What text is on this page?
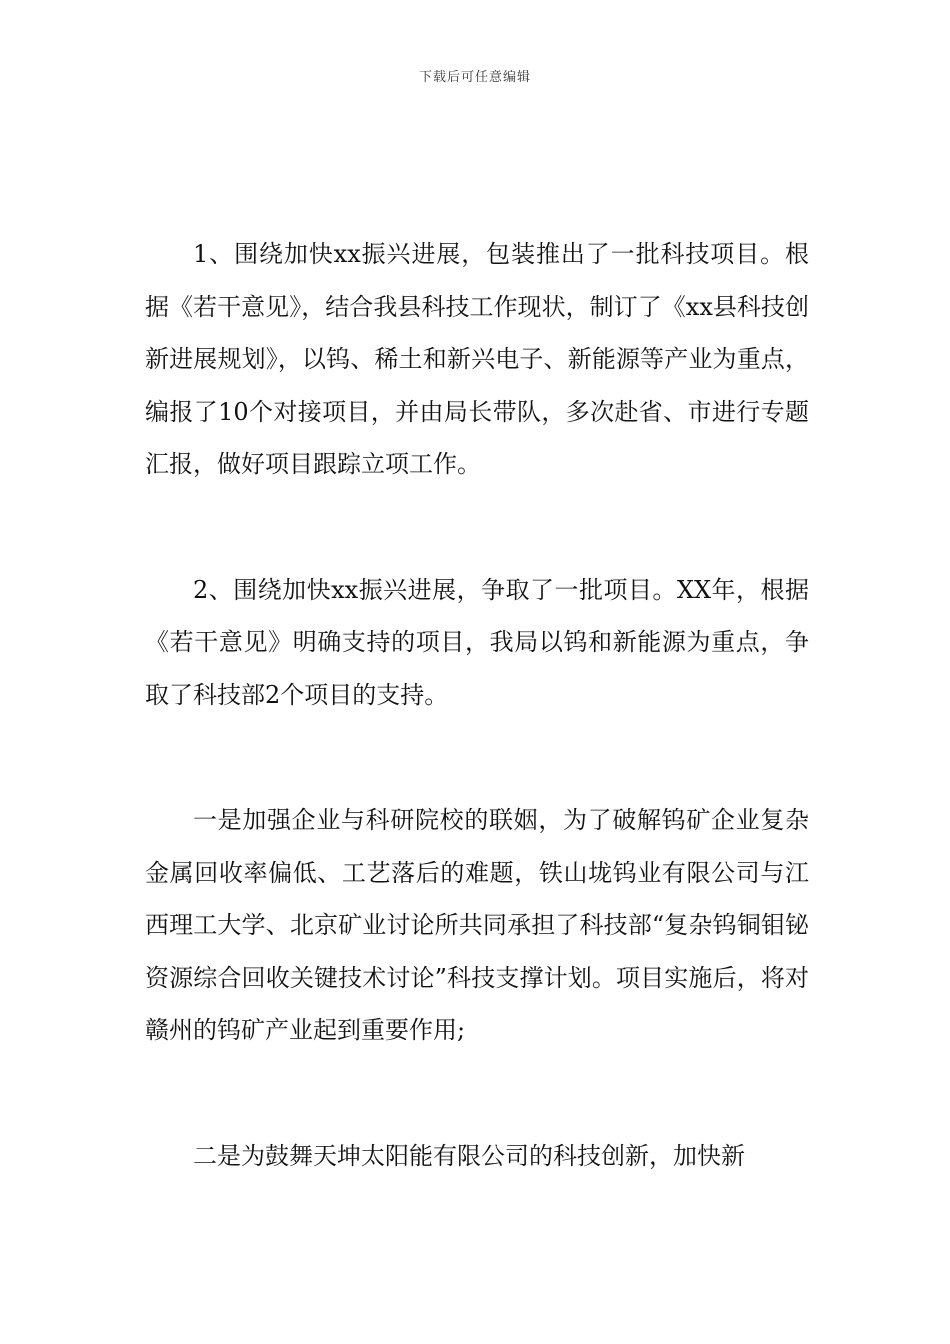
下载后可任意编辑

1、围绕加快xx振兴进展，包装推出了一批科技项目。根据《若干意见》，结合我县科技工作现状，制订了《xx县科技创新进展规划》，以钨、稀土和新兴电子、新能源等产业为重点，编报了10个对接项目，并由局长带队，多次赴省、市进行专题汇报，做好项目跟踪立项工作。

2、围绕加快xx振兴进展，争取了一批项目。XX年，根据《若干意见》明确支持的项目，我局以钨和新能源为重点，争取了科技部2个项目的支持。

一是加强企业与科研院校的联姻，为了破解钨矿企业复杂金属回收率偏低、工艺落后的难题，铁山垅钨业有限公司与江西理工大学、北京矿业讨论所共同承担了科技部“复杂钨铜钼铋资源综合回收关键技术讨论”科技支撑计划。项目实施后，将对赣州的钨矿产业起到重要作用;

二是为鼓舞天坤太阳能有限公司的科技创新，加快新
